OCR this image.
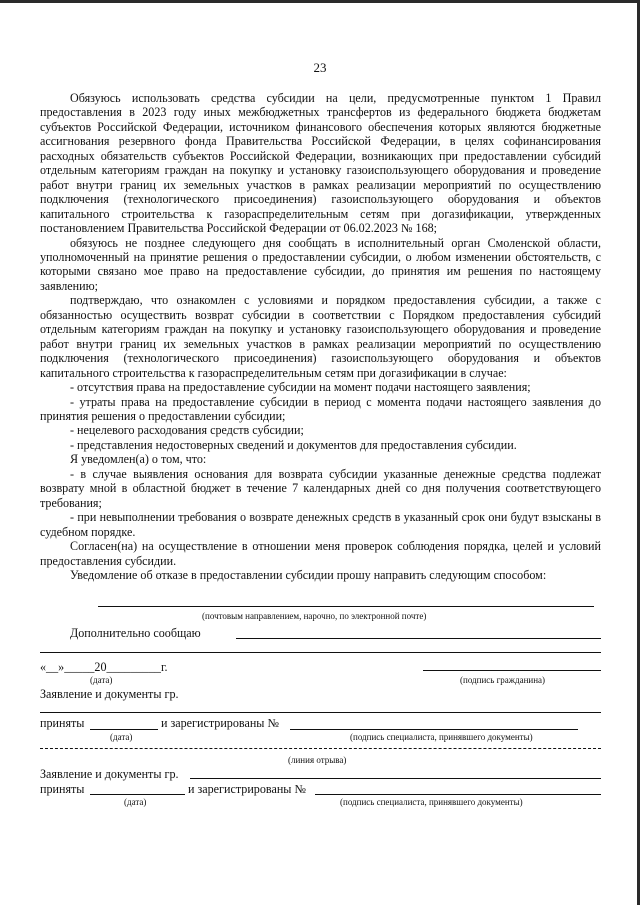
23

Обязуюсь использовать средства субсидии на цели, предусмотренные пунктом 1 Правил предоставления в 2023 году иных межбюджетных трансфертов из федерального бюджета бюджетам субъектов Российской Федерации, источником финансового обеспечения которых являются бюджетные ассигнования резервного фонда Правительства Российской Федерации, в целях софинансирования расходных обязательств субъектов Российской Федерации, возникающих при предоставлении субсидий отдельным категориям граждан на покупку и установку газоиспользующего оборудования и проведение работ внутри границ их земельных участков в рамках реализации мероприятий по осуществлению подключения (технологического присоединения) газоиспользующего оборудования и объектов капитального строительства к газораспределительным сетям при догазификации, утвержденных постановлением Правительства Российской Федерации от 06.02.2023 № 168;

обязуюсь не позднее следующего дня сообщать в исполнительный орган Смоленской области, уполномоченный на принятие решения о предоставлении субсидии, о любом изменении обстоятельств, с которыми связано мое право на предоставление субсидии, до принятия им решения по настоящему заявлению;

подтверждаю, что ознакомлен с условиями и порядком предоставления субсидии, а также с обязанностью осуществить возврат субсидии в соответствии с Порядком предоставления субсидий отдельным категориям граждан на покупку и установку газоиспользующего оборудования и проведение работ внутри границ их земельных участков в рамках реализации мероприятий по осуществлению подключения (технологического присоединения) газоиспользующего оборудования и объектов капитального строительства к газораспределительным сетям при догазификации в случае:

- отсутствия права на предоставление субсидии на момент подачи настоящего заявления;

- утраты права на предоставление субсидии в период с момента подачи настоящего заявления до принятия решения о предоставлении субсидии;

- нецелевого расходования средств субсидии;

- представления недостоверных сведений и документов для предоставления субсидии.

Я уведомлен(а) о том, что:

- в случае выявления основания для возврата субсидии указанные денежные средства подлежат возврату мной в областной бюджет в течение 7 календарных дней со дня получения соответствующего требования;

- при невыполнении требования о возврате денежных средств в указанный срок они будут взысканы в судебном порядке.

Согласен(на) на осуществление в отношении меня проверок соблюдения порядка, целей и условий предоставления субсидии.

Уведомление об отказе в предоставлении субсидии прошу направить следующим способом:

(почтовым направлением, нарочно, по электронной почте)
Дополнительно сообщаю
«__»_____20_________г.
(дата)	(подпись гражданина)
Заявление и документы гр.
приняты	и зарегистрированы №
(дата)	(подпись специалиста, принявшего документы)
(линия отрыва)
Заявление и документы гр.
приняты	и зарегистрированы №
(дата)	(подпись специалиста, принявшего документы)
